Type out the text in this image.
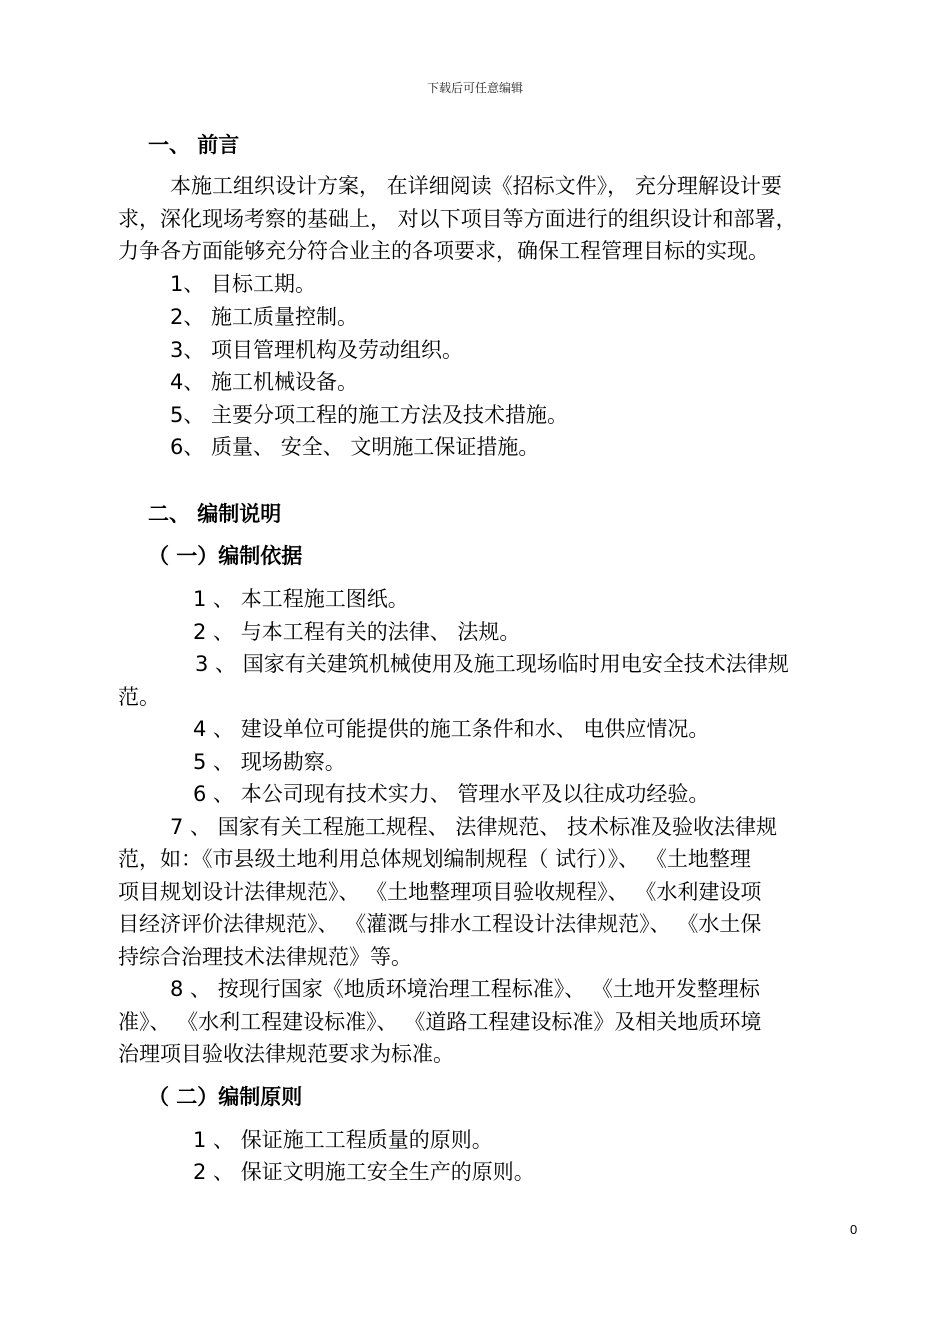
下载后可任意编辑
一、 前言
本施工组织设计方案， 在详细阅读《招标文件》， 充分理解设计要
求，深化现场考察的基础上， 对以下项目等方面进行的组织设计和部署，
力争各方面能够充分符合业主的各项要求，确保工程管理目标的实现。
1、 目标工期。
2、 施工质量控制。
3、 项目管理机构及劳动组织。
4、 施工机械设备。
5、 主要分项工程的施工方法及技术措施。
6、 质量、 安全、 文明施工保证措施。
二、 编制说明
（ 一）编制依据
1 、 本工程施工图纸。
2 、 与本工程有关的法律、 法规。
3 、 国家有关建筑机械使用及施工现场临时用电安全技术法律规
范。
4 、 建设单位可能提供的施工条件和水、 电供应情况。
5 、 现场勘察。
6 、 本公司现有技术实力、 管理水平及以往成功经验。
7 、 国家有关工程施工规程、 法律规范、 技术标准及验收法律规
范，如：《市县级土地利用总体规划编制规程（ 试行）》、 《土地整理
项目规划设计法律规范》、 《土地整理项目验收规程》、 《水利建设项
目经济评价法律规范》、 《灌溉与排水工程设计法律规范》、 《水土保
持综合治理技术法律规范》等。
8 、 按现行国家《地质环境治理工程标准》、 《土地开发整理标
准》、 《水利工程建设标准》、 《道路工程建设标准》及相关地质环境
治理项目验收法律规范要求为标准。
（ 二）编制原则
1 、 保证施工工程质量的原则。
2 、 保证文明施工安全生产的原则。
0
